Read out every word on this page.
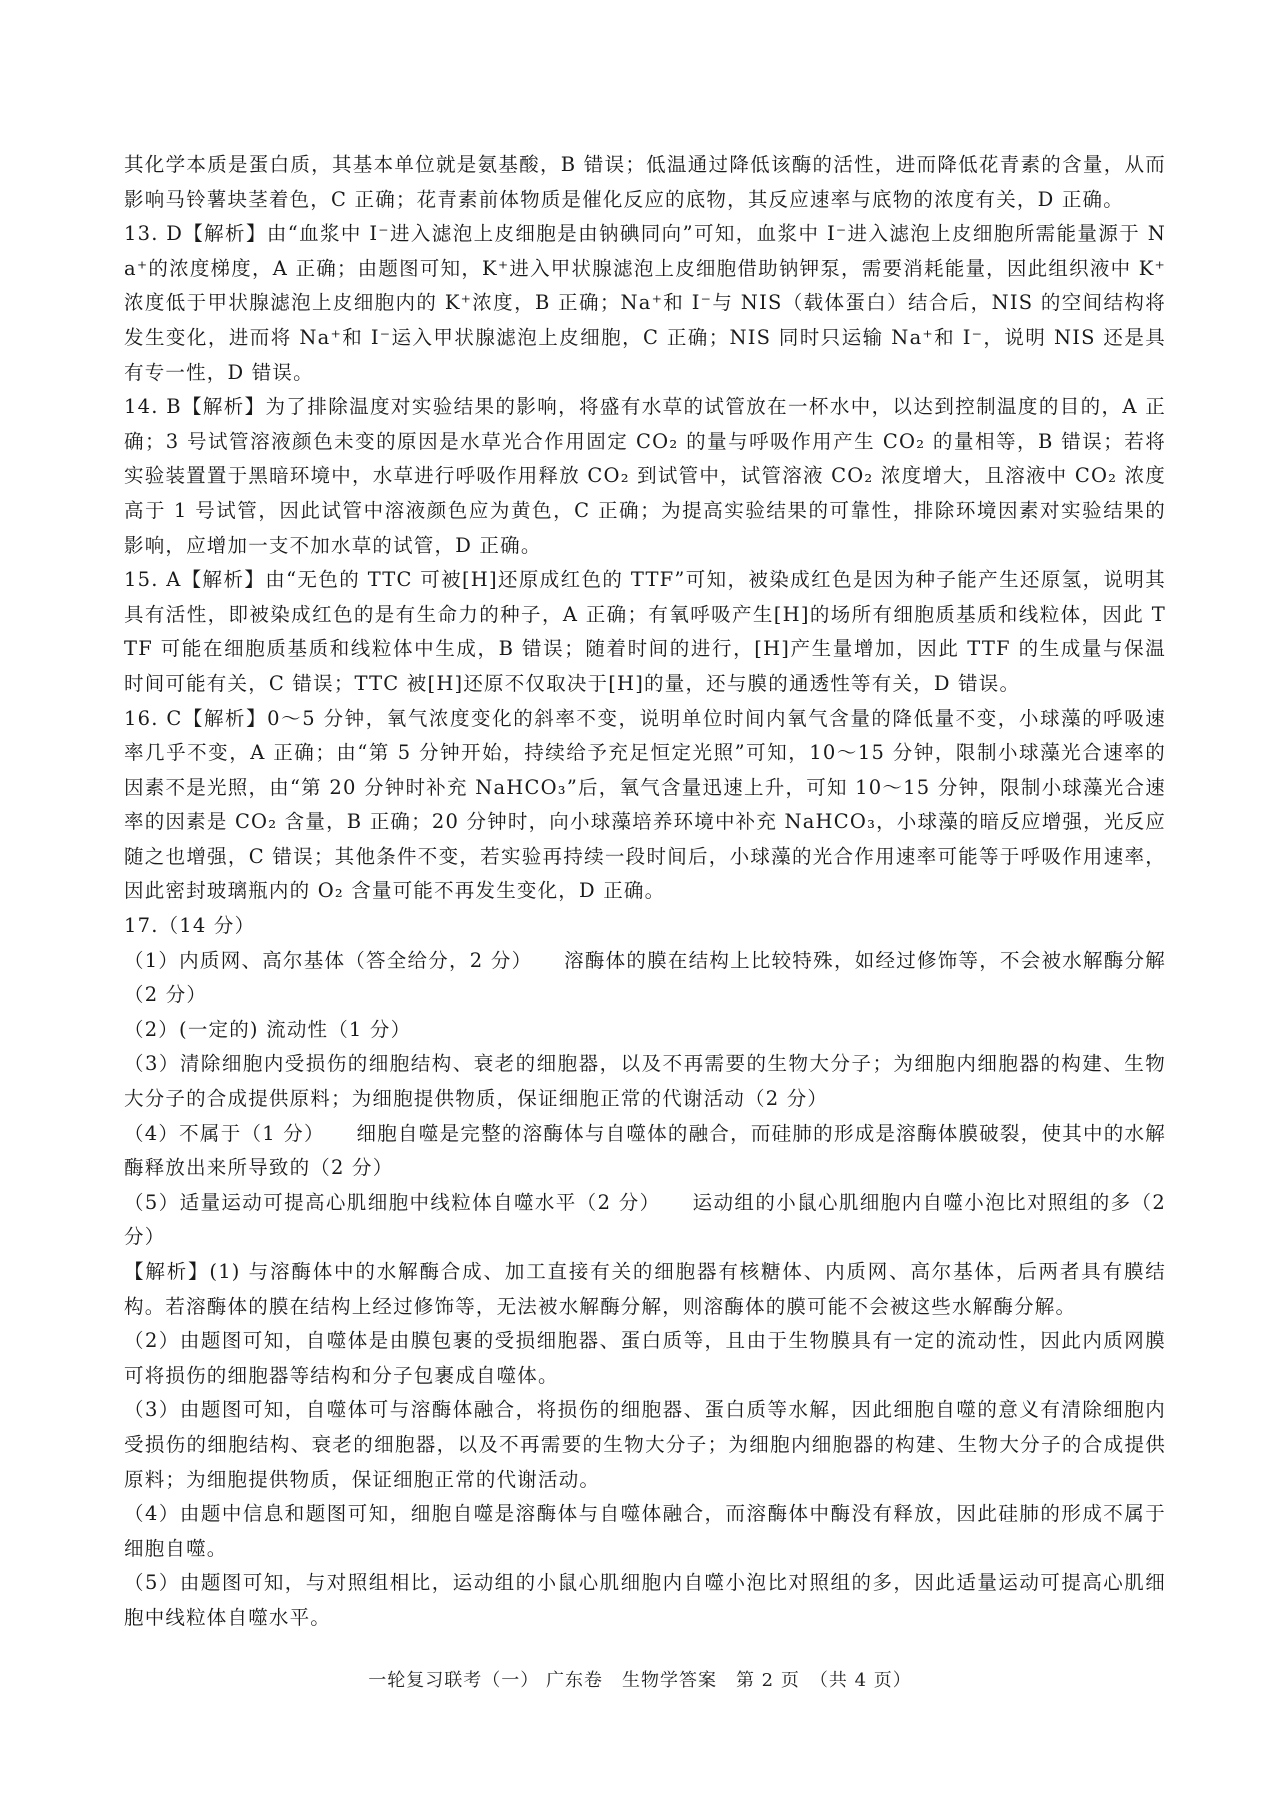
其化学本质是蛋白质，其基本单位就是氨基酸，B 错误；低温通过降低该酶的活性，进而降低花青素的含量，从而影响马铃薯块茎着色，C 正确；花青素前体物质是催化反应的底物，其反应速率与底物的浓度有关，D 正确。

13. D【解析】由“血浆中 I⁻进入滤泡上皮细胞是由钠碘同向”可知，血浆中 I⁻进入滤泡上皮细胞所需能量源于 Na⁺的浓度梯度，A 正确；由题图可知，K⁺进入甲状腺滤泡上皮细胞借助钠钾泵，需要消耗能量，因此组织液中 K⁺浓度低于甲状腺滤泡上皮细胞内的 K⁺浓度，B 正确；Na⁺和 I⁻与 NIS（载体蛋白）结合后，NIS 的空间结构将发生变化，进而将 Na⁺和 I⁻运入甲状腺滤泡上皮细胞，C 正确；NIS 同时只运输 Na⁺和 I⁻，说明 NIS 还是具有专一性，D 错误。

14. B【解析】为了排除温度对实验结果的影响，将盛有水草的试管放在一杯水中，以达到控制温度的目的，A 正确；3 号试管溶液颜色未变的原因是水草光合作用固定 CO₂ 的量与呼吸作用产生 CO₂ 的量相等，B 错误；若将实验装置置于黑暗环境中，水草进行呼吸作用释放 CO₂ 到试管中，试管溶液 CO₂ 浓度增大，且溶液中 CO₂ 浓度高于 1 号试管，因此试管中溶液颜色应为黄色，C 正确；为提高实验结果的可靠性，排除环境因素对实验结果的影响，应增加一支不加水草的试管，D 正确。

15. A【解析】由“无色的 TTC 可被[H]还原成红色的 TTF”可知，被染成红色是因为种子能产生还原氢，说明其具有活性，即被染成红色的是有生命力的种子，A 正确；有氧呼吸产生[H]的场所有细胞质基质和线粒体，因此 TTF 可能在细胞质基质和线粒体中生成，B 错误；随着时间的进行，[H]产生量增加，因此 TTF 的生成量与保温时间可能有关，C 错误；TTC 被[H]还原不仅取决于[H]的量，还与膜的通透性等有关，D 错误。

16. C【解析】0～5 分钟，氧气浓度变化的斜率不变，说明单位时间内氧气含量的降低量不变，小球藻的呼吸速率几乎不变，A 正确；由“第 5 分钟开始，持续给予充足恒定光照”可知，10～15 分钟，限制小球藻光合速率的因素不是光照，由“第 20 分钟时补充 NaHCO₃”后，氧气含量迅速上升，可知 10～15 分钟，限制小球藻光合速率的因素是 CO₂ 含量，B 正确；20 分钟时，向小球藻培养环境中补充 NaHCO₃，小球藻的暗反应增强，光反应随之也增强，C 错误；其他条件不变，若实验再持续一段时间后，小球藻的光合作用速率可能等于呼吸作用速率，因此密封玻璃瓶内的 O₂ 含量可能不再发生变化，D 正确。

17.（14 分）

（1）内质网、高尔基体（答全给分，2 分）　　溶酶体的膜在结构上比较特殊，如经过修饰等，不会被水解酶分解（2 分）

（2）(一定的) 流动性（1 分）

（3）清除细胞内受损伤的细胞结构、衰老的细胞器，以及不再需要的生物大分子；为细胞内细胞器的构建、生物大分子的合成提供原料；为细胞提供物质，保证细胞正常的代谢活动（2 分）

（4）不属于（1 分）　　细胞自噬是完整的溶酶体与自噬体的融合，而硅肺的形成是溶酶体膜破裂，使其中的水解酶释放出来所导致的（2 分）

（5）适量运动可提高心肌细胞中线粒体自噬水平（2 分）　　运动组的小鼠心肌细胞内自噬小泡比对照组的多（2 分）

【解析】(1) 与溶酶体中的水解酶合成、加工直接有关的细胞器有核糖体、内质网、高尔基体，后两者具有膜结构。若溶酶体的膜在结构上经过修饰等，无法被水解酶分解，则溶酶体的膜可能不会被这些水解酶分解。

（2）由题图可知，自噬体是由膜包裹的受损细胞器、蛋白质等，且由于生物膜具有一定的流动性，因此内质网膜可将损伤的细胞器等结构和分子包裹成自噬体。

（3）由题图可知，自噬体可与溶酶体融合，将损伤的细胞器、蛋白质等水解，因此细胞自噬的意义有清除细胞内受损伤的细胞结构、衰老的细胞器，以及不再需要的生物大分子；为细胞内细胞器的构建、生物大分子的合成提供原料；为细胞提供物质，保证细胞正常的代谢活动。

（4）由题中信息和题图可知，细胞自噬是溶酶体与自噬体融合，而溶酶体中酶没有释放，因此硅肺的形成不属于细胞自噬。

（5）由题图可知，与对照组相比，运动组的小鼠心肌细胞内自噬小泡比对照组的多，因此适量运动可提高心肌细胞中线粒体自噬水平。

一轮复习联考（一） 广东卷　生物学答案　第 2 页　（共 4 页）
